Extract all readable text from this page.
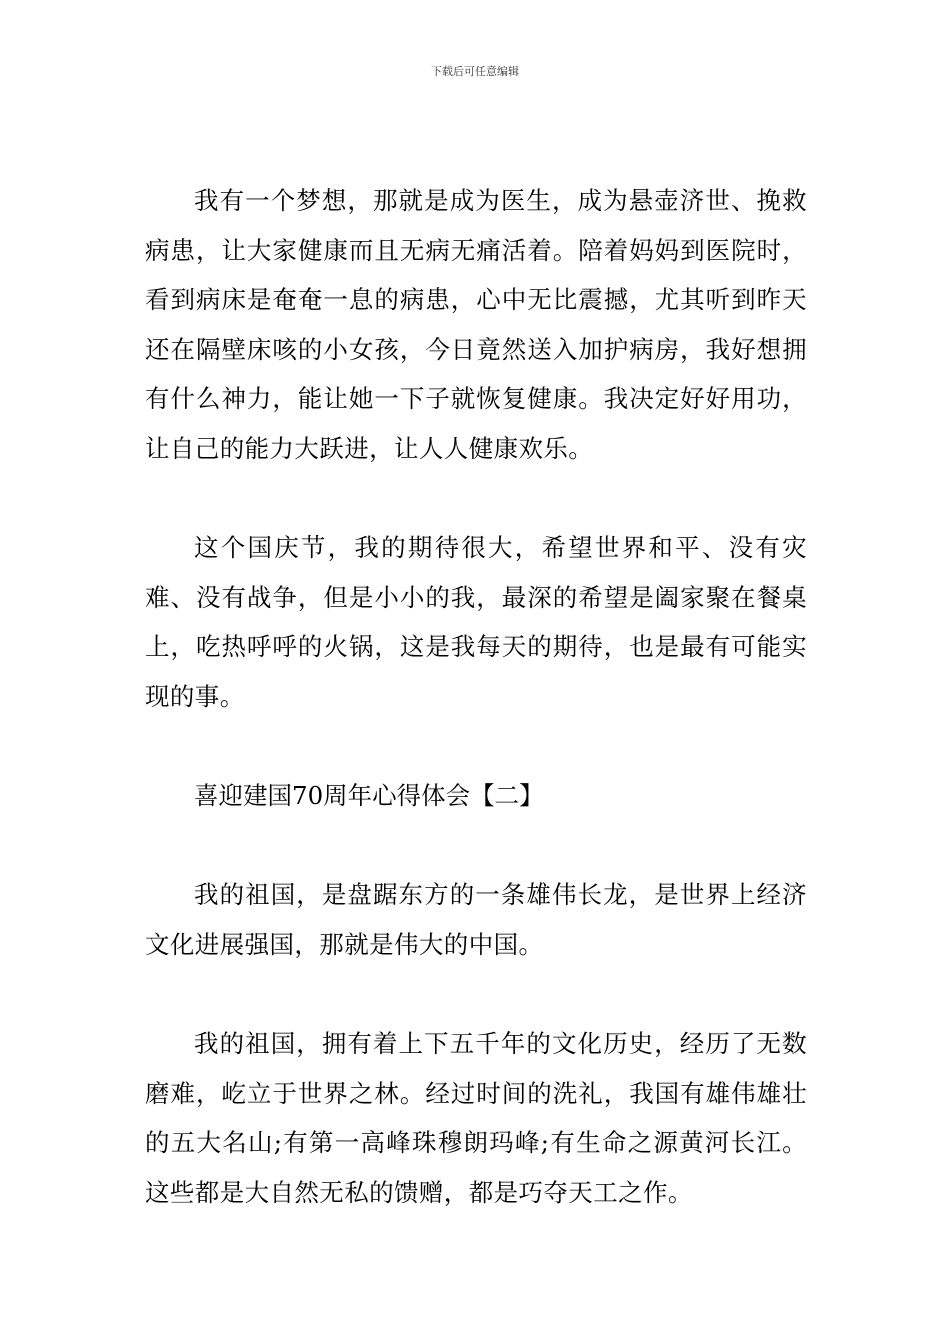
下载后可任意编辑

我有一个梦想，那就是成为医生，成为悬壶济世、挽救病患，让大家健康而且无病无痛活着。陪着妈妈到医院时，看到病床是奄奄一息的病患，心中无比震撼，尤其听到昨天还在隔壁床咳的小女孩，今日竟然送入加护病房，我好想拥有什么神力，能让她一下子就恢复健康。我决定好好用功，让自己的能力大跃进，让人人健康欢乐。

这个国庆节，我的期待很大，希望世界和平、没有灾难、没有战争，但是小小的我，最深的希望是阖家聚在餐桌上，吃热呼呼的火锅，这是我每天的期待，也是最有可能实现的事。

喜迎建国70周年心得体会【二】

我的祖国，是盘踞东方的一条雄伟长龙，是世界上经济文化进展强国，那就是伟大的中国。

我的祖国，拥有着上下五千年的文化历史，经历了无数磨难，屹立于世界之林。经过时间的洗礼，我国有雄伟雄壮的五大名山;有第一高峰珠穆朗玛峰;有生命之源黄河长江。这些都是大自然无私的馈赠，都是巧夺天工之作。
